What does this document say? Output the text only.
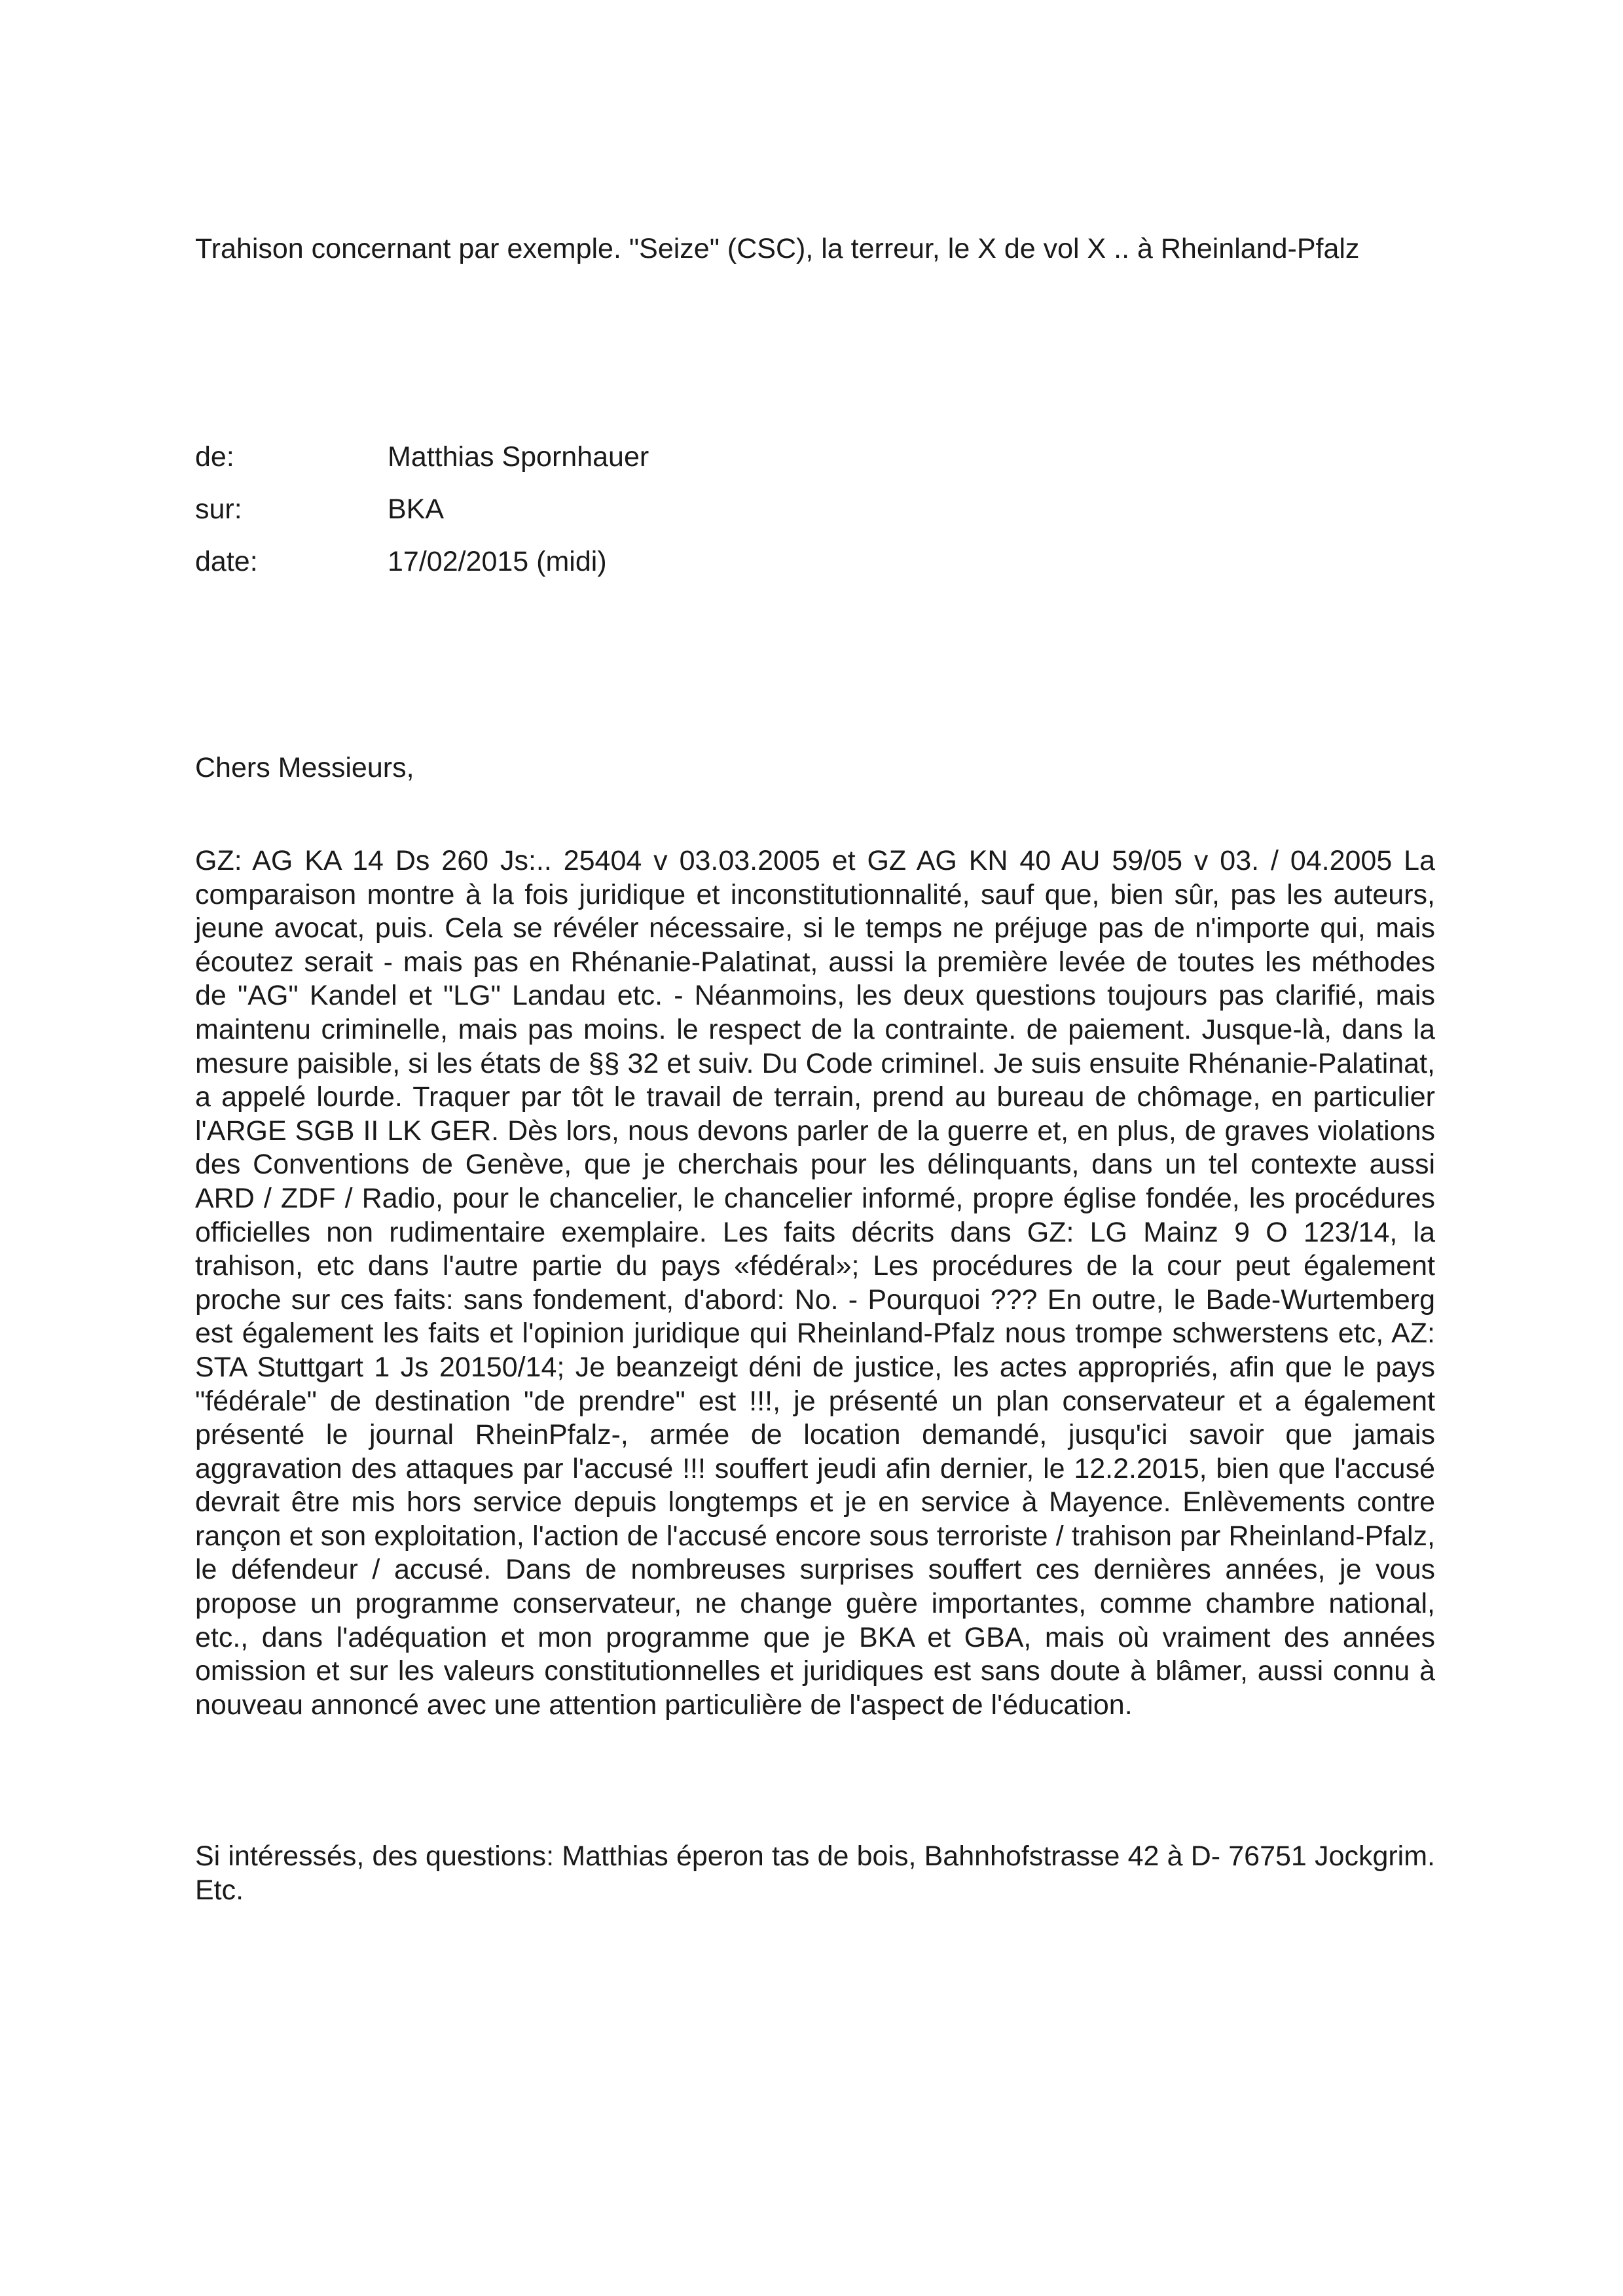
Trahison concernant par exemple. "Seize" (CSC), la terreur, le X de vol X .. à Rheinland-Pfalz

de:	Matthias Spornhauer
sur:	BKA
date:	17/02/2015 (midi)

Chers Messieurs,

GZ: AG KA 14 Ds 260 Js:.. 25404 v 03.03.2005 et GZ AG KN 40 AU 59/05 v 03. / 04.2005 La comparaison montre à la fois juridique et inconstitutionnalité, sauf que, bien sûr, pas les auteurs, jeune avocat, puis. Cela se révéler nécessaire, si le temps ne préjuge pas de n'importe qui, mais écoutez serait - mais pas en Rhénanie-Palatinat, aussi la première levée de toutes les méthodes de "AG" Kandel et "LG" Landau etc. - Néanmoins, les deux questions toujours pas clarifié, mais maintenu criminelle, mais pas moins. le respect de la contrainte. de paiement. Jusque-là, dans la mesure paisible, si les états de §§ 32 et suiv. Du Code criminel. Je suis ensuite Rhénanie-Palatinat, a appelé lourde. Traquer par tôt le travail de terrain, prend au bureau de chômage, en particulier l'ARGE SGB II LK GER. Dès lors, nous devons parler de la guerre et, en plus, de graves violations des Conventions de Genève, que je cherchais pour les délinquants, dans un tel contexte aussi ARD / ZDF / Radio, pour le chancelier, le chancelier informé, propre église fondée, les procédures officielles non rudimentaire exemplaire. Les faits décrits dans GZ: LG Mainz 9 O 123/14, la trahison, etc dans l'autre partie du pays «fédéral»; Les procédures de la cour peut également proche sur ces faits: sans fondement, d'abord: No. - Pourquoi ??? En outre, le Bade-Wurtemberg est également les faits et l'opinion juridique qui Rheinland-Pfalz nous trompe schwerstens etc, AZ: STA Stuttgart 1 Js 20150/14; Je beanzeigt déni de justice, les actes appropriés, afin que le pays "fédérale" de destination "de prendre" est !!!, je présenté un plan conservateur et a également présenté le journal RheinPfalz-, armée de location demandé, jusqu'ici savoir que jamais aggravation des attaques par l'accusé !!! souffert jeudi afin dernier, le 12.2.2015, bien que l'accusé devrait être mis hors service depuis longtemps et je en service à Mayence. Enlèvements contre rançon et son exploitation, l'action de l'accusé encore sous terroriste / trahison par Rheinland-Pfalz, le défendeur / accusé. Dans de nombreuses surprises souffert ces dernières années, je vous propose un programme conservateur, ne change guère importantes, comme chambre national, etc., dans l'adéquation et mon programme que je BKA et GBA, mais où vraiment des années omission et sur les valeurs constitutionnelles et juridiques est sans doute à blâmer, aussi connu à nouveau annoncé avec une attention particulière de l'aspect de l'éducation.

Si intéressés, des questions: Matthias éperon tas de bois, Bahnhofstrasse 42 à D- 76751 Jockgrim. Etc.
